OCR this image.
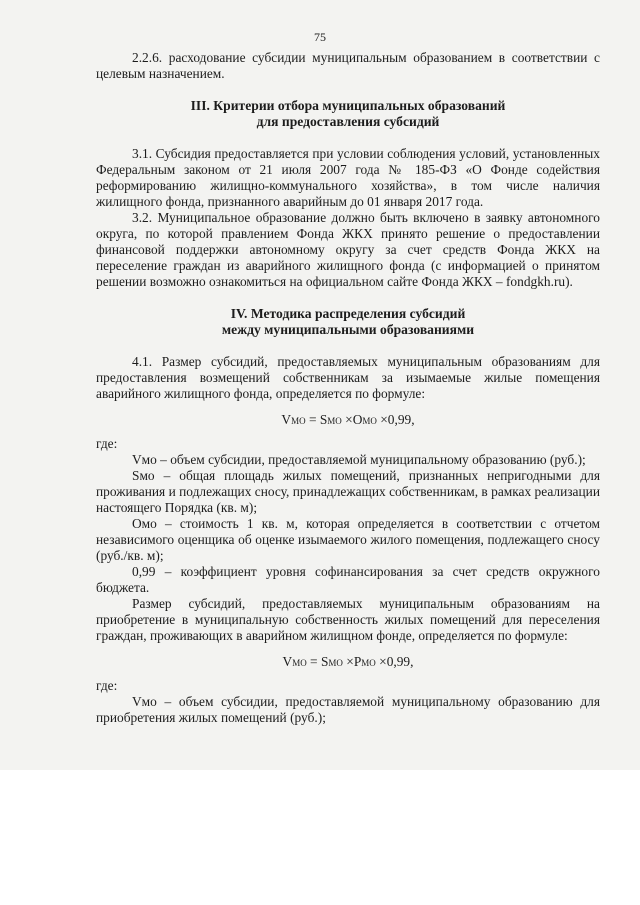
75

2.2.6. расходование субсидии муниципальным образованием в соответствии с целевым назначением.

III. Критерии отбора муниципальных образований
для предоставления субсидий

3.1. Субсидия предоставляется при условии соблюдения условий, установленных Федеральным законом от 21 июля 2007 года № 185-ФЗ «О Фонде содействия реформированию жилищно-коммунального хозяйства», в том числе наличия жилищного фонда, признанного аварийным до 01 января 2017 года.

3.2. Муниципальное образование должно быть включено в заявку автономного округа, по которой правлением Фонда ЖКХ принято решение о предоставлении финансовой поддержки автономному округу за счет средств Фонда ЖКХ на переселение граждан из аварийного жилищного фонда (с информацией о принятом решении возможно ознакомиться на официальном сайте Фонда ЖКХ – fondgkh.ru).

IV. Методика распределения субсидий
между муниципальными образованиями

4.1. Размер субсидий, предоставляемых муниципальным образованиям для предоставления возмещений собственникам за изымаемые жилые помещения аварийного жилищного фонда, определяется по формуле:

VМО = SМО ×OМО ×0,99,

где:

Vмо – объем субсидии, предоставляемой муниципальному образованию (руб.);

Sмо – общая площадь жилых помещений, признанных непригодными для проживания и подлежащих сносу, принадлежащих собственникам, в рамках реализации настоящего Порядка (кв. м);

Омо – стоимость 1 кв. м, которая определяется в соответствии с отчетом независимого оценщика об оценке изымаемого жилого помещения, подлежащего сносу (руб./кв. м);

0,99 – коэффициент уровня софинансирования за счет средств окружного бюджета.

Размер субсидий, предоставляемых муниципальным образованиям на приобретение в муниципальную собственность жилых помещений для переселения граждан, проживающих в аварийном жилищном фонде, определяется по формуле:

VМО = SМО ×PМО ×0,99,

где:

Vмо – объем субсидии, предоставляемой муниципальному образованию для приобретения жилых помещений (руб.);
